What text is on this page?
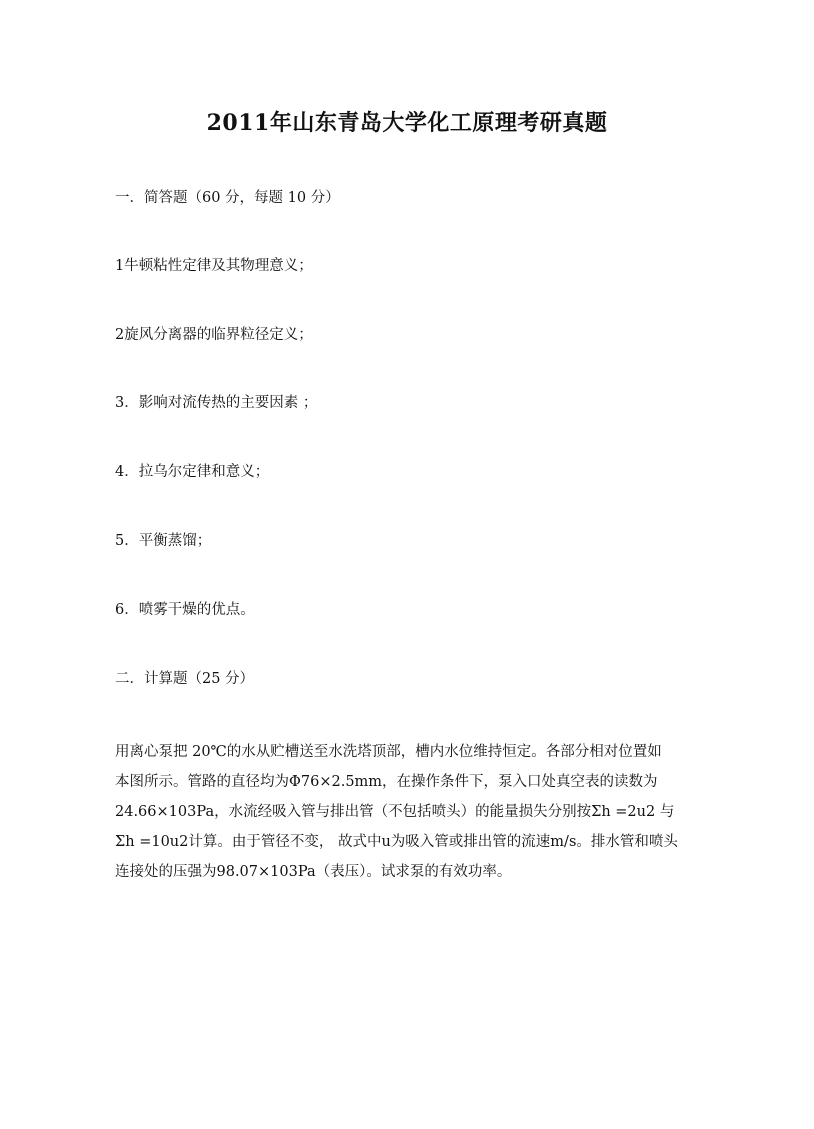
2011年山东青岛大学化工原理考研真题
一．简答题（60 分，每题 10 分）
1牛顿粘性定律及其物理意义；
2旋风分离器的临界粒径定义；
3．影响对流传热的主要因素 ；
4．拉乌尔定律和意义；
5．平衡蒸馏；
6．喷雾干燥的优点。
二．计算题（25 分）
用离心泵把 20℃的水从贮槽送至水洗塔顶部，槽内水位维持恒定。各部分相对位置如
本图所示。管路的直径均为Φ76×2.5mm，在操作条件下，泵入口处真空表的读数为
24.66×103Pa，水流经吸入管与排出管（不包括喷头）的能量损失分别按Σh =2u2 与
Σh =10u2计算。由于管径不变， 故式中u为吸入管或排出管的流速m/s。排水管和喷头
连接处的压强为98.07×103Pa（表压）。试求泵的有效功率。
